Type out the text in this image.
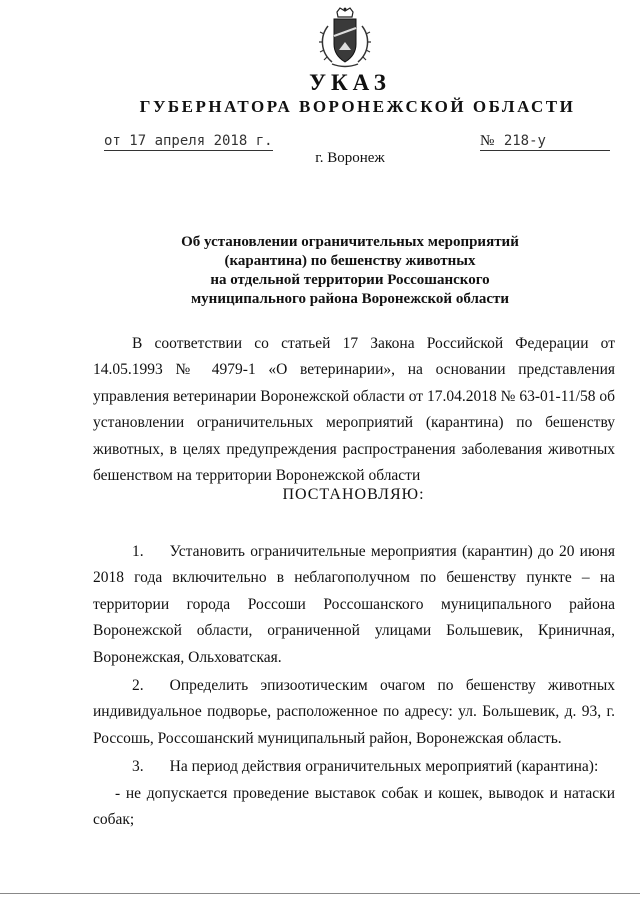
УКАЗ
ГУБЕРНАТОРА ВОРОНЕЖСКОЙ ОБЛАСТИ
от 17 апреля 2018 г.	№ 218-у
г. Воронеж
Об установлении ограничительных мероприятий
(карантина) по бешенству животных
на отдельной территории Россошанского
муниципального района Воронежской области
В соответствии со статьей 17 Закона Российской Федерации от 14.05.1993 № 4979-1 «О ветеринарии», на основании представления управления ветеринарии Воронежской области от 17.04.2018 № 63-01-11/58 об установлении ограничительных мероприятий (карантина) по бешенству животных, в целях предупреждения распространения заболевания животных бешенством на территории Воронежской области
ПОСТАНОВЛЯЮ:
1. Установить ограничительные мероприятия (карантин) до 20 июня 2018 года включительно в неблагополучном по бешенству пункте – на территории города Россоши Россошанского муниципального района Воронежской области, ограниченной улицами Большевик, Криничная, Воронежская, Ольховатская.
2. Определить эпизоотическим очагом по бешенству животных индивидуальное подворье, расположенное по адресу: ул. Большевик, д. 93, г. Россошь, Россошанский муниципальный район, Воронежская область.
3. На период действия ограничительных мероприятий (карантина):
- не допускается проведение выставок собак и кошек, выводок и натаски собак;
